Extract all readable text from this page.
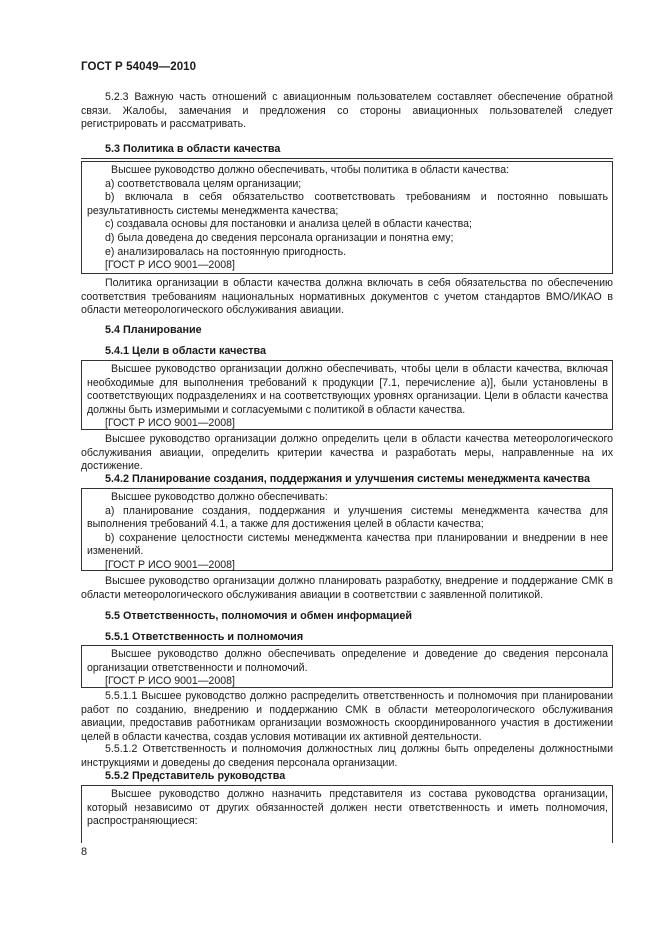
ГОСТ Р 54049—2010

5.2.3 Важную часть отношений с авиационным пользователем составляет обеспечение обратной связи. Жалобы, замечания и предложения со стороны авиационных пользователей следует регистрировать и рассматривать.

5.3 Политика в области качества

Высшее руководство должно обеспечивать, чтобы политика в области качества:

a) соответствовала целям организации;

b) включала в себя обязательство соответствовать требованиям и постоянно повышать результативность системы менеджмента качества;

c) создавала основы для постановки и анализа целей в области качества;

d) была доведена до сведения персонала организации и понятна ему;

e) анализировалась на постоянную пригодность.

[ГОСТ Р ИСО 9001—2008]

Политика организации в области качества должна включать в себя обязательства по обеспечению соответствия требованиям национальных нормативных документов с учетом стандартов ВМО/ИКАО в области метеорологического обслуживания авиации.

5.4 Планирование
5.4.1 Цели в области качества

Высшее руководство организации должно обеспечивать, чтобы цели в области качества, включая необходимые для выполнения требований к продукции [7.1, перечисление а)], были установлены в соответствующих подразделениях и на соответствующих уровнях организации. Цели в области качества должны быть измеримыми и согласуемыми с политикой в области качества.

[ГОСТ Р ИСО 9001—2008]

Высшее руководство организации должно определить цели в области качества метеорологического обслуживания авиации, определить критерии качества и разработать меры, направленные на их достижение.

5.4.2 Планирование создания, поддержания и улучшения системы менеджмента качества

Высшее руководство должно обеспечивать:

a) планирование создания, поддержания и улучшения системы менеджмента качества для выполнения требований 4.1, а также для достижения целей в области качества;

b) сохранение целостности системы менеджмента качества при планировании и внедрении в нее изменений.

[ГОСТ Р ИСО 9001—2008]

Высшее руководство организации должно планировать разработку, внедрение и поддержание СМК в области метеорологического обслуживания авиации в соответствии с заявленной политикой.

5.5 Ответственность, полномочия и обмен информацией
5.5.1 Ответственность и полномочия

Высшее руководство должно обеспечивать определение и доведение до сведения персонала организации ответственности и полномочий.

[ГОСТ Р ИСО 9001—2008]

5.5.1.1 Высшее руководство должно распределить ответственность и полномочия при планировании работ по созданию, внедрению и поддержанию СМК в области метеорологического обслуживания авиации, предоставив работникам организации возможность скоординированного участия в достижении целей в области качества, создав условия мотивации их активной деятельности.

5.5.1.2 Ответственность и полномочия должностных лиц должны быть определены должностными инструкциями и доведены до сведения персонала организации.

5.5.2 Представитель руководства

Высшее руководство должно назначить представителя из состава руководства организации, который независимо от других обязанностей должен нести ответственность и иметь полномочия, распространяющиеся:

8
